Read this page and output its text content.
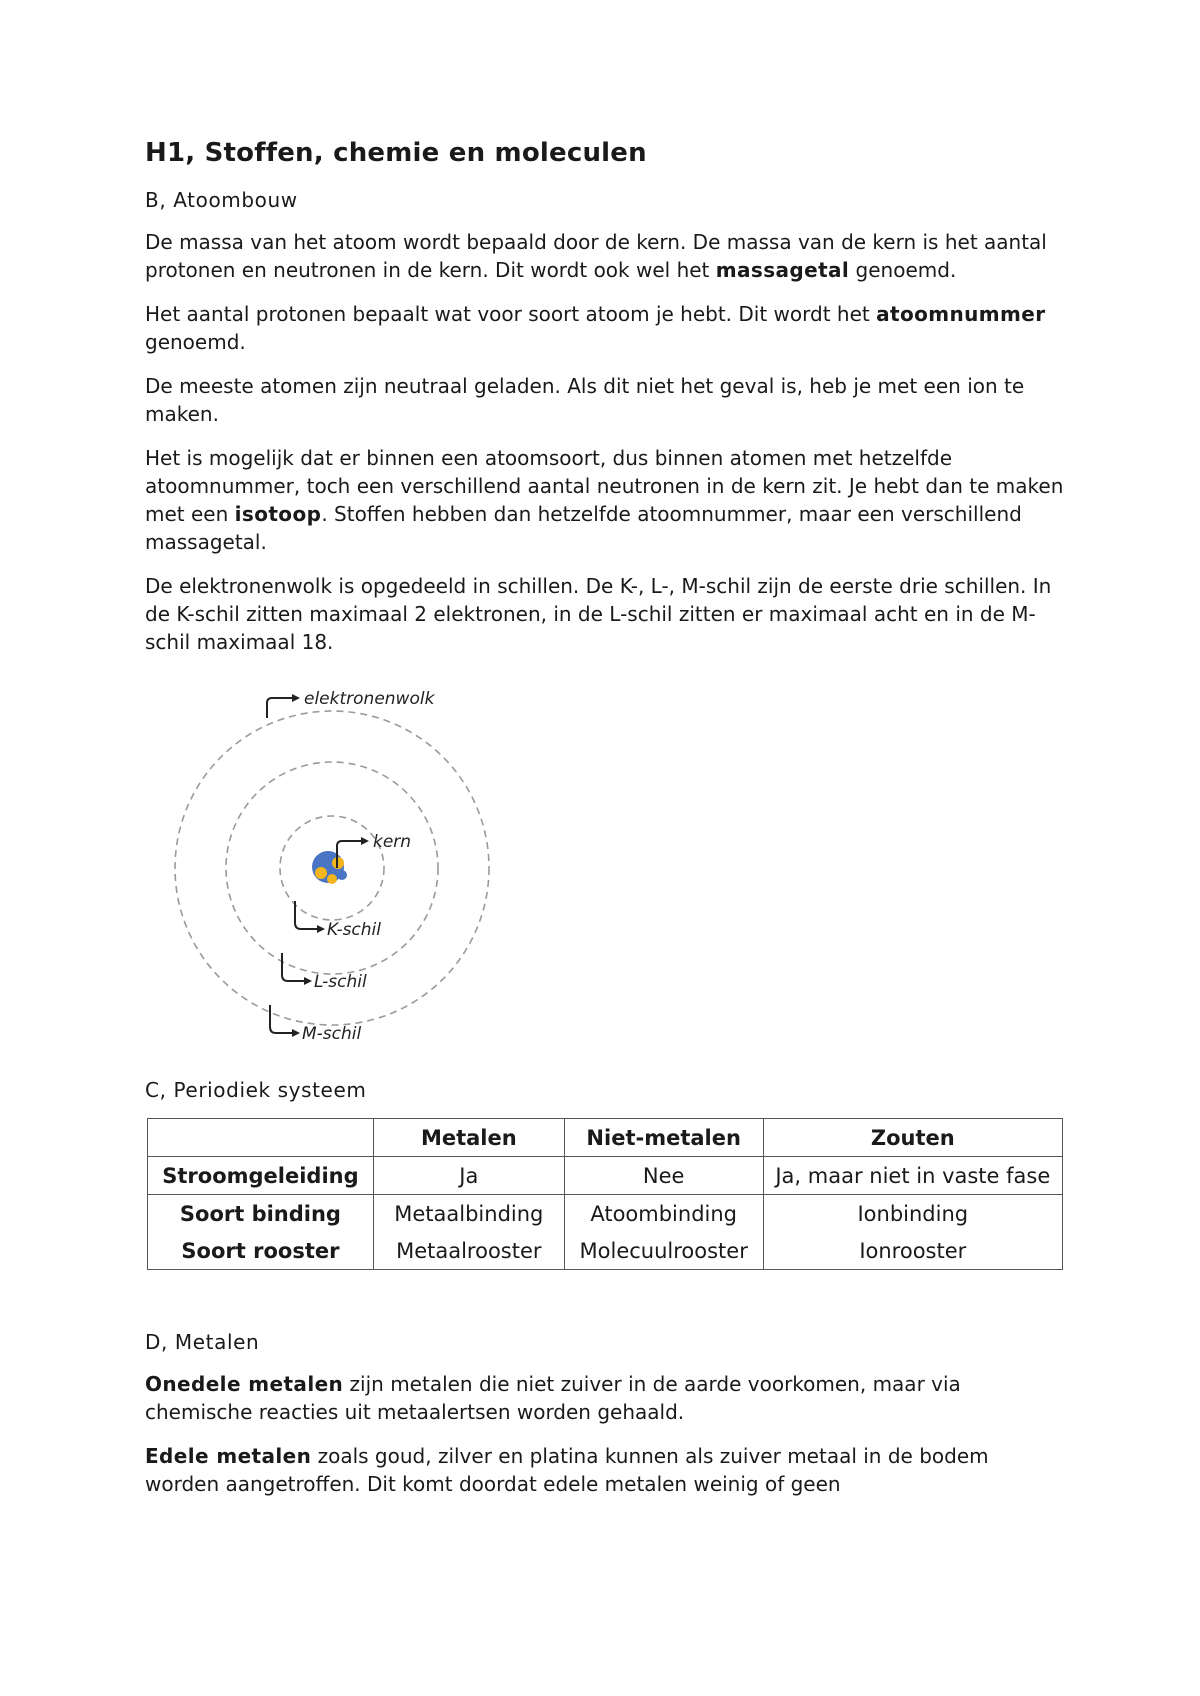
H1, Stoffen, chemie en moleculen
B, Atoombouw

De massa van het atoom wordt bepaald door de kern. De massa van de kern is het aantal protonen en neutronen in de kern. Dit wordt ook wel het massagetal genoemd.

Het aantal protonen bepaalt wat voor soort atoom je hebt. Dit wordt het atoomnummer genoemd.

De meeste atomen zijn neutraal geladen. Als dit niet het geval is, heb je met een ion te maken.

Het is mogelijk dat er binnen een atoomsoort, dus binnen atomen met hetzelfde atoomnummer, toch een verschillend aantal neutronen in de kern zit. Je hebt dan te maken met een isotoop. Stoffen hebben dan hetzelfde atoomnummer, maar een verschillend massagetal.

De elektronenwolk is opgedeeld in schillen. De K-, L-, M-schil zijn de eerste drie schillen. In de K-schil zitten maximaal 2 elektronen, in de L-schil zitten er maximaal acht en in de M-schil maximaal 18.

elektronenwolk
kern
K-schil
L-schil
M-schil
C, Periodiek systeem
	Metalen	Niet-metalen	Zouten
Stroomgeleiding	Ja	Nee	Ja, maar niet in vaste fase
Soort binding	Metaalbinding	Atoombinding	Ionbinding
Soort rooster	Metaalrooster	Molecuulrooster	Ionrooster
D, Metalen

Onedele metalen zijn metalen die niet zuiver in de aarde voorkomen, maar via chemische reacties uit metaalertsen worden gehaald.

Edele metalen zoals goud, zilver en platina kunnen als zuiver metaal in de bodem worden aangetroffen. Dit komt doordat edele metalen weinig of geen
